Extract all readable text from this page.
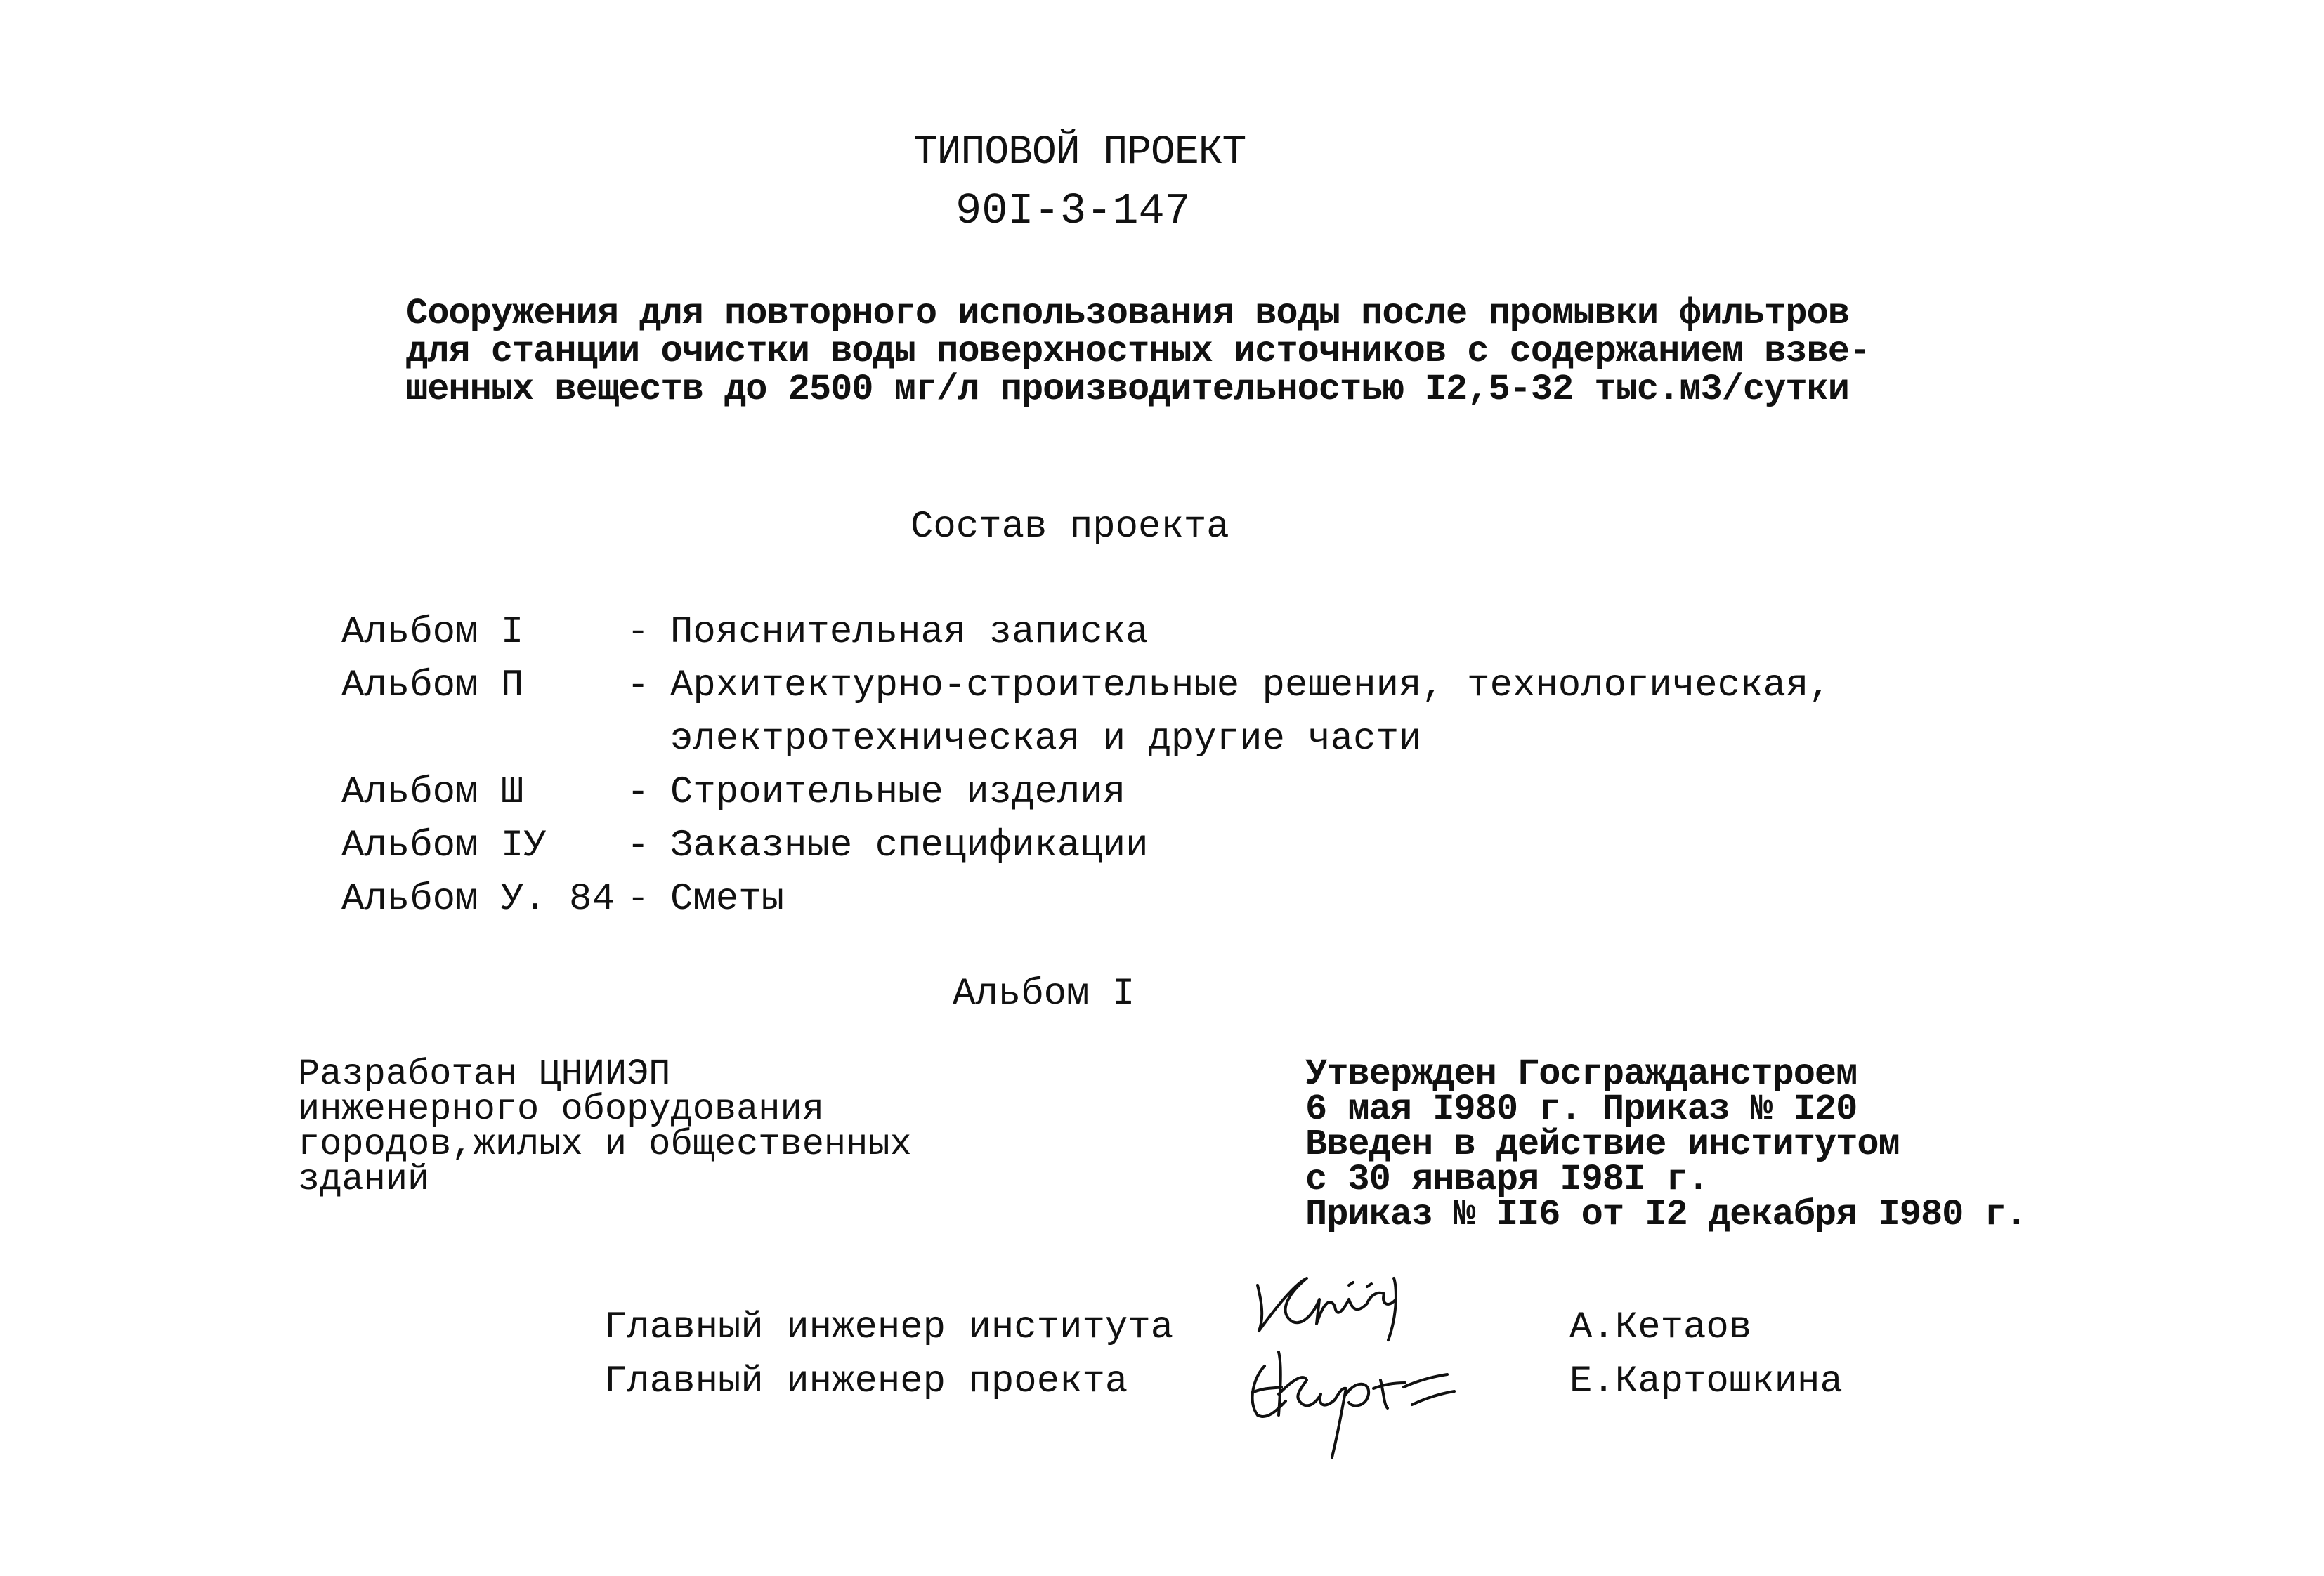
ТИПОВОЙ ПРОЕКТ
90I-3-147
Сооружения для повторного использования воды после промывки фильтров
для станции очистки воды поверхностных источников с содержанием взве-
шенных веществ до 2500 мг/л производительностью I2,5-32 тыс.м3/сутки
Состав проекта
Альбом I	- Пояснительная записка
Альбом П	- Архитектурно-строительные решения, технологическая,
электротехническая и другие части
Альбом Ш	- Строительные изделия
Альбом IУ - Заказные спецификации
Альбом У. 84 - Сметы
Альбом I
Разработан ЦНИИЭП
инженерного оборудования
городов,жилых и общественных
зданий
Утвержден Госгражданстроем
6 мая I980 г. Приказ № I20
Введен в действие институтом
с 30 января I98I г.
Приказ № II6 от I2 декабря I980 г.
Главный инженер института	А.Кетаов
Главный инженер проекта	Е.Картошкина
